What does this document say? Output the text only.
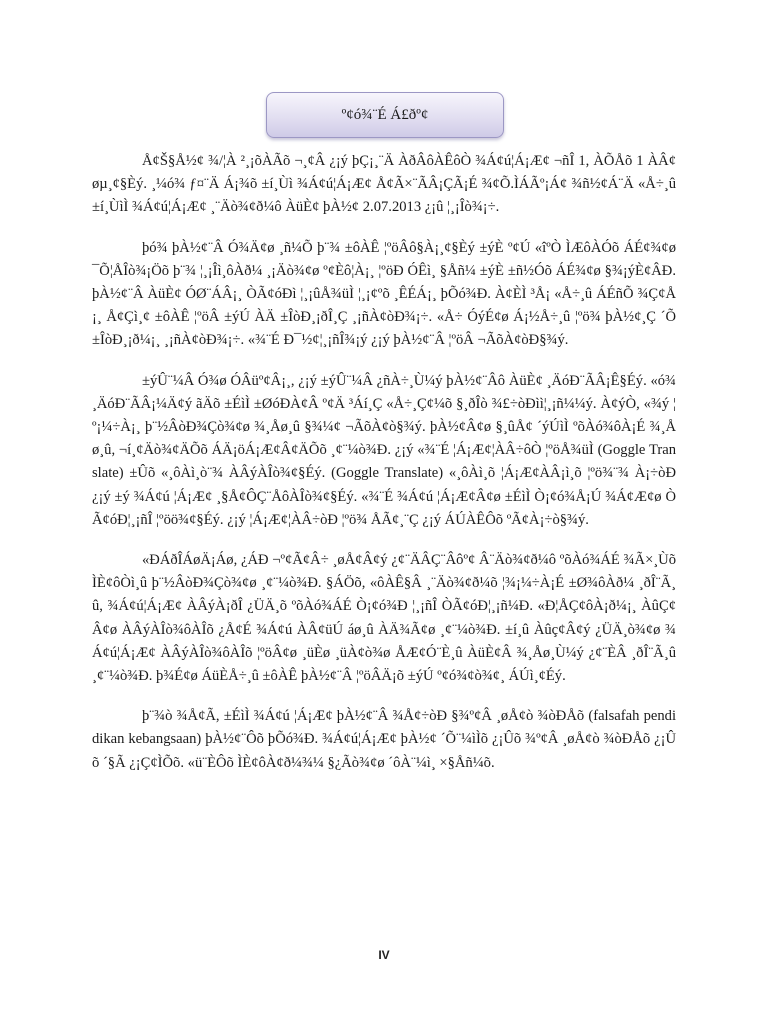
º¢ó¾¨É Á£ðº¢

Å¢Š§Å½¢ ¾/¦À ²¸¡õÀÃõ ¬¸¢Â ¿¡ý þÇ¡¸¨Ä ÀðÂôÀÊôÒ ¾Á¢ú¦Á¡Æ¢ ¬ñÎ 1, ÀÕÅõ 1 ÀÂ¢øµ¸¢§Èý. ¸¼ó¾ ƒ¤¨Ä Á¡¾õ ±í¸Ùì ¾Á¢ú¦Á¡Æ¢ Å¢Ã×¨ÃÂ¡ÇÃ¡É ¾¢Õ.ÌÁÃº¡Á¢ ¾ñ½¢Á¨Ä «Å÷¸û ±í¸ÙìÌ ¾Á¢ú¦Á¡Æ¢ ¸¨Äò¾¢ð¼ô ÀüÈ¢ þÀ½¢ 2.07.2013 ¿¡û ¦¸¡Îò¾¡÷.

þó¾ þÀ½¢¨Â Ó¾Ä¢ø ¸ñ¼Õ þ¨¾ ±ôÀÊ ¦ºöÂô§À¡¸¢§Èý ±ýÈ º¢Ú «îºÒ ÌÆôÀÓõ ÁÉ¢¾¢ø ¯Õ¦ÅÎò¾¡Öõ þ¨¾ ¦¸¡Îì¸ôÀð¼ ¸¡Äò¾¢ø º¢Èô¦À¡¸ ¦ºöÐ ÓÊì¸ §Åñ¼ ±ýÈ ±ñ½Óõ ÁÉ¾¢ø §¾¡ýÈ¢ÂÐ. þÀ½¢¨Â ÀüÈ¢ ÓØ¨ÁÂ¡¸ ÒÃ¢óÐì ¦¸¡ûÅ¾üÌ ¦¸¡¢ºõ ¸ÊÉÁ¡¸ þÕó¾Ð. À¢ÈÌ ³Å¡ «Å÷¸û ÁÉñÕ ¾Ç¢Å¡¸ Å¢Çì¸¢ ±ôÀÊ ¦ºöÂ ±ýÚ ÀÄ ±ÎòÐ¸¡ðÎ¸Ç ¸¡ñÀ¢òÐ¾¡÷. «Å÷ ÓýÉ¢ø Á¡½Å÷¸û ¦ºö¾ þÀ½¢¸Ç ´Õ ±ÎòÐ¸¡ð¼¡¸ ¸¡ñÀ¢òÐ¾¡÷. «¾¨É Ð¯½¢¦¸¡ñÎ¾¡ý ¿¡ý þÀ½¢¨Â ¦ºöÂ ¬ÃõÀ¢òÐ§¾ý.

±ýÛ¨¼Â Ó¾ø ÓÂüº¢Â¡¸, ¿¡ý ±ýÛ¨¼Â ¿ñÀ÷¸Ù¼ý þÀ½¢¨Âô ÀüÈ¢ ¸ÄóÐ¨ÃÂ¡Ê§Éý. «ó¾ ¸ÄóÐ¨ÃÂ¡¼Ä¢ý ãÄõ ±ÉìÌ ±ØóÐÀ¢Â º¢Ä ³Áí¸Ç «Å÷¸Ç¢¼õ §¸ðÎò ¾£÷òÐìì¦¸¡ñ¼¼ý. À¢ýÒ, «¾ý ¦º¡¼÷À¡¸ þ¨½ÂòÐ¾Çò¾¢ø ¾¸Åø¸û §¾¼¢ ¬ÃõÀ¢ò§¾ý. þÀ½¢Â¢ø §¸ûÅ¢ ´ýÚìÌ ºõÀó¾ôÀ¡É ¾¸Åø¸û, ¬í¸¢Äò¾¢ÄÕõ ÁÄ¡öÁ¡Æ¢Â¢ÄÕõ ¸¢¨¼ò¾Ð. ¿¡ý «¾¨É ¦Á¡Æ¢¦ÀÂ÷ôÒ ¦ºöÅ¾üÌ (Goggle Translate) ±Ûõ «¸ôÀì¸ò¨¾ ÀÂýÀÎò¾¢§Éý. (Goggle Translate) «¸ôÀì¸õ ¦Á¡Æ¢ÀÂ¡ì¸õ ¦ºö¾¨¾ À¡÷òÐ ¿¡ý ±ý ¾Á¢ú ¦Á¡Æ¢ ¸§Å¢ÔÇ¨ÅôÀÎò¾¢§Éý. «¾¨É ¾Á¢ú ¦Á¡Æ¢Â¢ø ±ÉìÌ Ò¡¢ó¾Å¡Ú ¾Á¢Æ¢ø ÒÃ¢óÐ¦¸¡ñÎ ¦ºöö¾¢§Éý. ¿¡ý ¦Á¡Æ¢¦ÀÂ÷òÐ ¦ºö¾ ÅÃ¢¸¨Ç ¿¡ý ÁÚÀÊÔõ ºÃ¢À¡÷ò§¾ý.

«ÐÁðÎÁøÄ¡Áø, ¿ÁÐ ¬º¢Ã¢Â÷ ¸øÅ¢Â¢ý ¿¢¨ÄÂÇ¨Âôº¢ Â¨Äò¾¢ð¼ô ºõÀó¾ÁÉ ¾Ã×¸Ùõ ÌÈ¢ôÒì¸û þ¨½ÂòÐ¾Çò¾¢ø ¸¢¨¼ò¾Ð. §ÁÖõ, «ôÀÊ§Â ¸¨Äò¾¢ð¼õ ¦¾¡¼÷À¡É ±Ø¾ôÀð¼ ¸ðÎ¨Ã¸û, ¾Á¢ú¦Á¡Æ¢ ÀÂýÀ¡ðÎ ¿ÜÄ¸õ ºõÀó¾ÁÉ Ò¡¢ó¾Ð ¦¸¡ñÎ ÒÃ¢óÐ¦¸¡ñ¼Ð. «Ð¦ÅÇ¢ôÀ¡ð¼¡¸ ÀûÇ¢Â¢ø ÀÂýÀÎò¾ôÀÎõ ¿Å¢É ¾Á¢ú ÀÂ¢üÚ áø¸û ÀÄ¾Ã¢ø ¸¢¨¼ò¾Ð. ±í¸û Àûç¢Â¢ý ¿ÜÄ¸ò¾¢ø ¾Á¢ú¦Á¡Æ¢ ÀÂýÀÎò¾ôÀÎõ ¦ºöÂ¢ø ¸üÈø ¸üÀ¢ò¾ø ÅÆ¢Ó¨È¸û ÀüÈ¢Â ¾¸Åø¸Ù¼ý ¿¢¨ÈÂ ¸ðÎ¨Ã¸û ¸¢¨¼ò¾Ð. þ¾É¢ø ÁüÈÅ÷¸û ±ôÀÊ þÀ½¢¨Â ¦ºöÂÄ¡õ ±ýÚ º¢ó¾¢ò¾¢¸ ÁÚì¸¢Éý.

þ¨¾ò ¾Å¢Ã, ±ÉìÌ ¾Á¢ú ¦Á¡Æ¢ þÀ½¢¨Â ¾Å¢÷òÐ §¾º¢Â ¸øÅ¢ò ¾òÐÅõ (falsafah pendidikan kebangsaan) þÀ½¢¨Ôõ þÕó¾Ð. ¾Á¢ú¦Á¡Æ¢ þÀ½¢ ´Õ¨¼ìÌõ ¿¡Ûõ ¾º¢Â ¸øÅ¢ò ¾òÐÅõ ¿¡Ûõ ´§Ã ¿¡Ç¢ÌÕõ. «ü¨ÈÔõ ÌÈ¢ôÀ¢ð¼¾¼ §¿Ãò¾¢ø ´ôÀ¨¼ì¸ ×§Åñ¼õ.

IV
